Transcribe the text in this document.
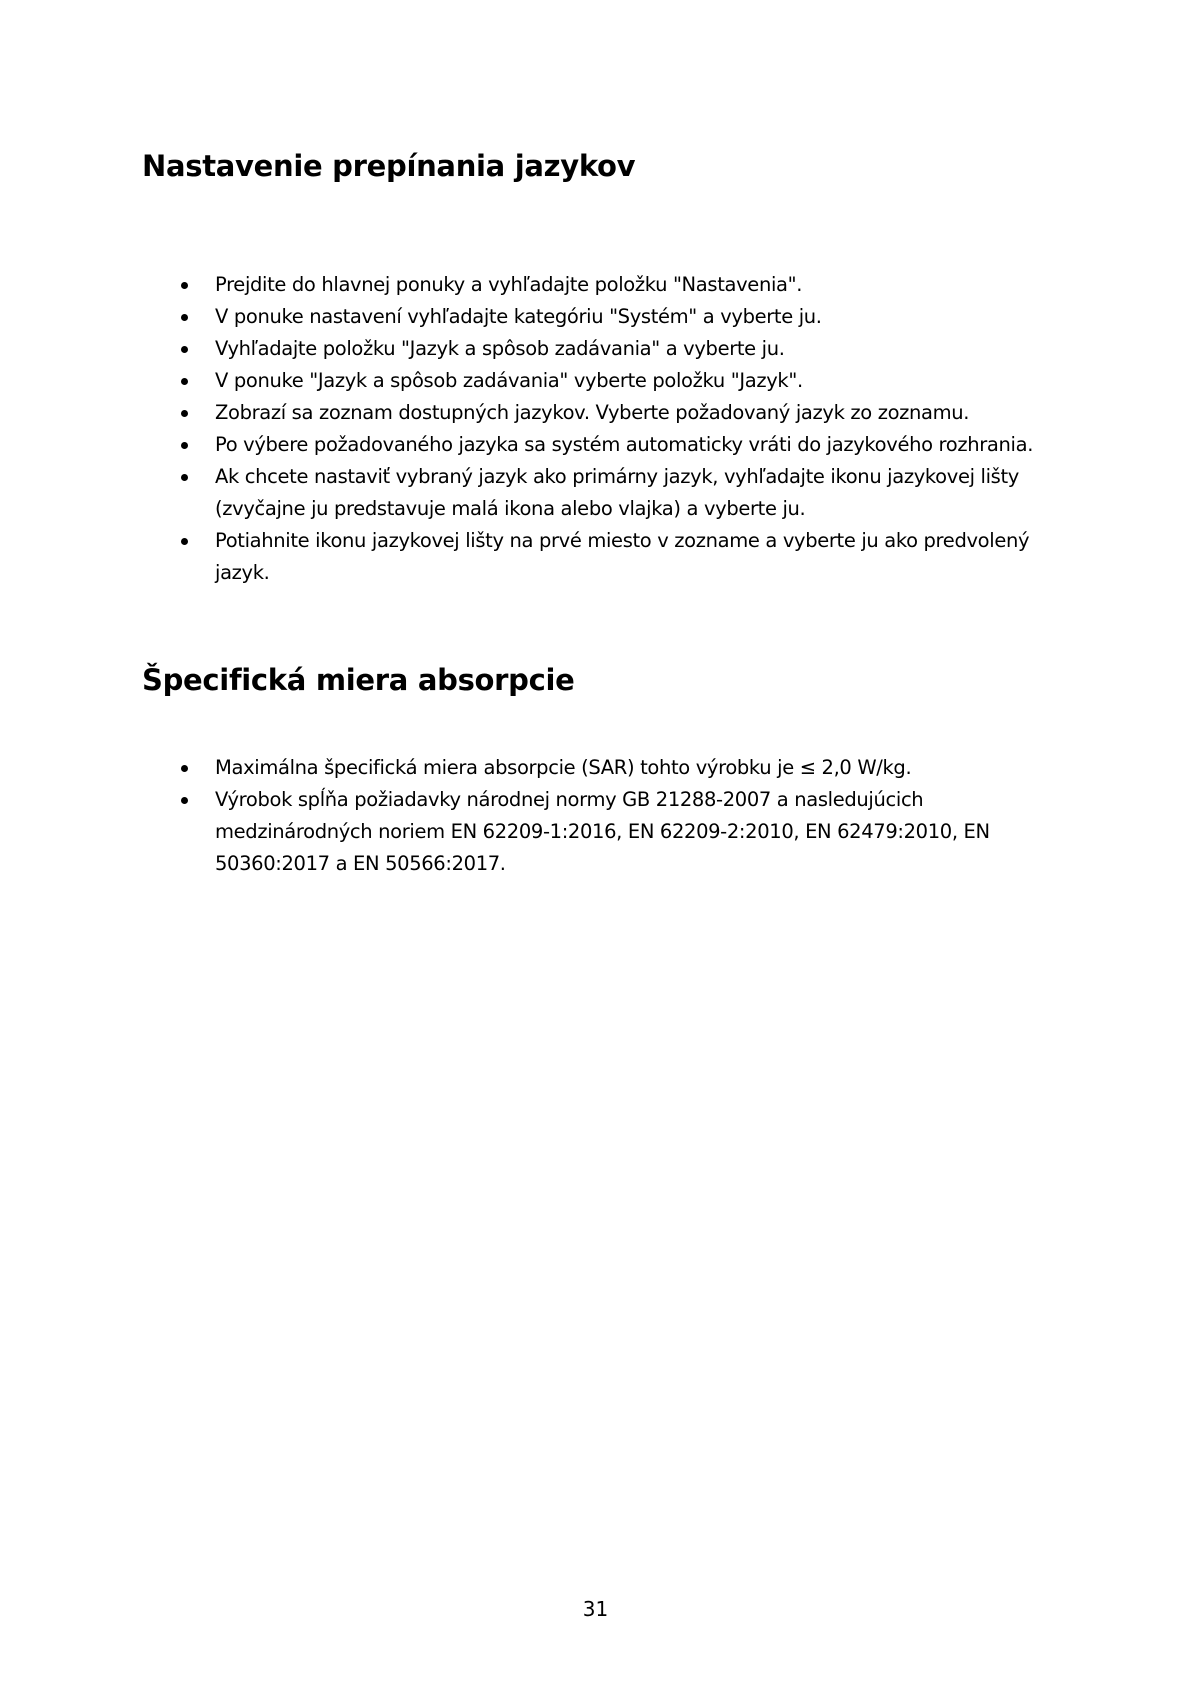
Nastavenie prepínania jazykov
Prejdite do hlavnej ponuky a vyhľadajte položku "Nastavenia".
V ponuke nastavení vyhľadajte kategóriu "Systém" a vyberte ju.
Vyhľadajte položku "Jazyk a spôsob zadávania" a vyberte ju.
V ponuke "Jazyk a spôsob zadávania" vyberte položku "Jazyk".
Zobrazí sa zoznam dostupných jazykov. Vyberte požadovaný jazyk zo zoznamu.
Po výbere požadovaného jazyka sa systém automaticky vráti do jazykového rozhrania.
Ak chcete nastaviť vybraný jazyk ako primárny jazyk, vyhľadajte ikonu jazykovej lišty (zvyčajne ju predstavuje malá ikona alebo vlajka) a vyberte ju.
Potiahnite ikonu jazykovej lišty na prvé miesto v zozname a vyberte ju ako predvolený jazyk.
Špecifická miera absorpcie
Maximálna špecifická miera absorpcie (SAR) tohto výrobku je ≤ 2,0 W/kg.
Výrobok spĺňa požiadavky národnej normy GB 21288-2007 a nasledujúcich medzinárodných noriem EN 62209-1:2016, EN 62209-2:2010, EN 62479:2010, EN 50360:2017 a EN 50566:2017.
31
